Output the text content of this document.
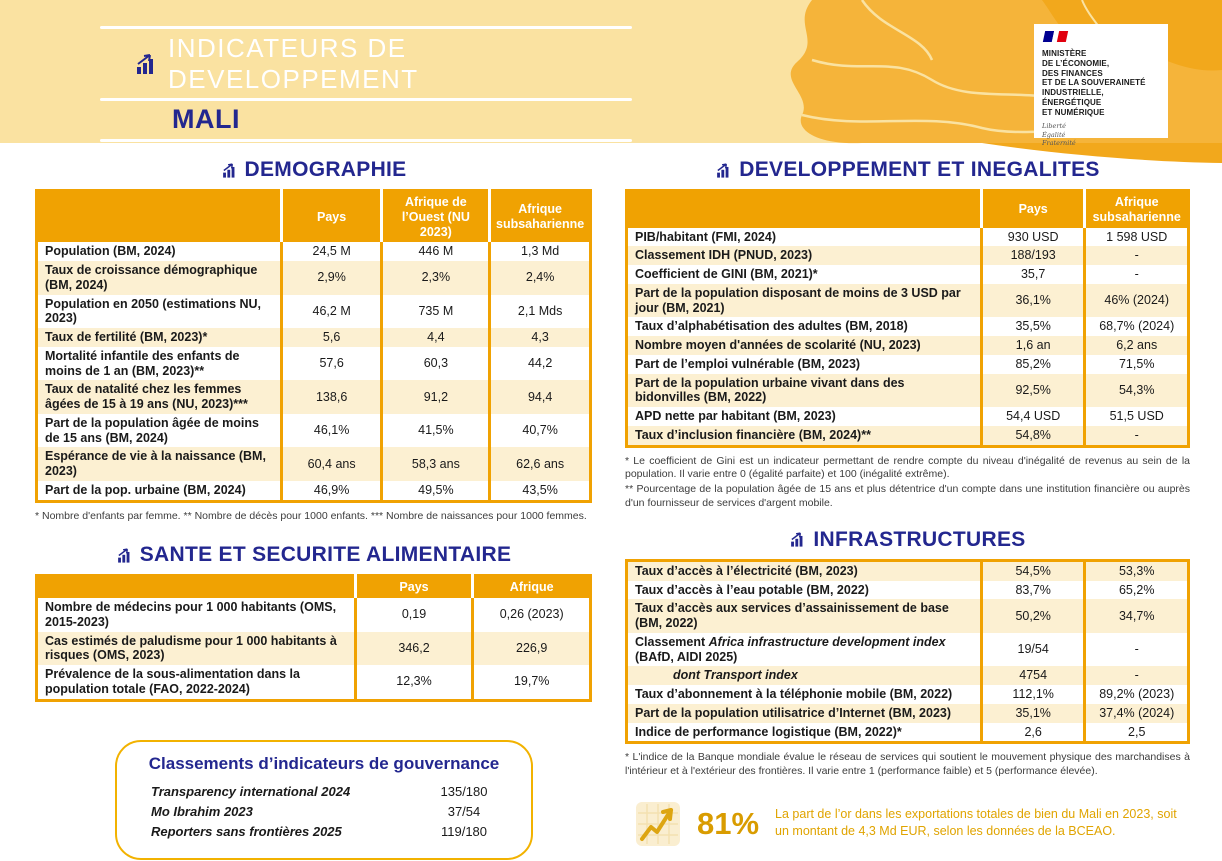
INDICATEURS DE DEVELOPPEMENT
MALI
MINISTÈRE
DE L’ÉCONOMIE,
DES FINANCES
ET DE LA SOUVERAINETÉ
INDUSTRIELLE, ÉNERGÉTIQUE
ET NUMÉRIQUE
Liberté
Égalité
Fraternité
DEMOGRAPHIE
	Pays	Afrique de l’Ouest (NU 2023)	Afrique subsaharienne
Population (BM, 2024)	24,5 M	446 M	1,3 Md
Taux de croissance démographique (BM, 2024)	2,9%	2,3%	2,4%
Population en 2050 (estimations NU, 2023)	46,2 M	735 M	2,1 Mds
Taux de fertilité (BM, 2023)*	5,6	4,4	4,3
Mortalité infantile des enfants de moins de 1 an (BM, 2023)**	57,6	60,3	44,2
Taux de natalité chez les femmes âgées de 15 à 19 ans (NU, 2023)***	138,6	91,2	94,4
Part de la population âgée de moins de 15 ans (BM, 2024)	46,1%	41,5%	40,7%
Espérance de vie à la naissance (BM, 2023)	60,4 ans	58,3 ans	62,6 ans
Part de la pop. urbaine (BM, 2024)	46,9%	49,5%	43,5%

* Nombre d'enfants par femme. ** Nombre de décès pour 1000 enfants. *** Nombre de naissances pour 1000 femmes.

SANTE ET SECURITE ALIMENTAIRE
	Pays	Afrique
Nombre de médecins pour 1 000 habitants (OMS, 2015-2023)	0,19	0,26 (2023)
Cas estimés de paludisme pour 1 000 habitants à risques (OMS, 2023)	346,2	226,9
Prévalence de la sous-alimentation dans la population totale (FAO, 2022-2024)	12,3%	19,7%
Classements d’indicateurs de gouvernance
Transparency international 2024	135/180
Mo Ibrahim 2023	37/54
Reporters sans frontières 2025	119/180
DEVELOPPEMENT ET INEGALITES
	Pays	Afrique subsaharienne
PIB/habitant (FMI, 2024)	930 USD	1 598 USD
Classement IDH (PNUD, 2023)	188/193	-
Coefficient de GINI (BM, 2021)*	35,7	-
Part de la population disposant de moins de 3 USD par jour (BM, 2021)	36,1%	46% (2024)
Taux d’alphabétisation des adultes (BM, 2018)	35,5%	68,7% (2024)
Nombre moyen d'années de scolarité (NU, 2023)	1,6 an	6,2 ans
Part de l’emploi vulnérable (BM, 2023)	85,2%	71,5%
Part de la population urbaine vivant dans des bidonvilles (BM, 2022)	92,5%	54,3%
APD nette par habitant (BM, 2023)	54,4 USD	51,5 USD
Taux d’inclusion financière (BM, 2024)**	54,8%	-

* Le coefficient de Gini est un indicateur permettant de rendre compte du niveau d'inégalité de revenus au sein de la population. Il varie entre 0 (égalité parfaite) et 100 (inégalité extrême).

** Pourcentage de la population âgée de 15 ans et plus détentrice d'un compte dans une institution financière ou auprès d'un fournisseur de services d'argent mobile.

INFRASTRUCTURES
Taux d’accès à l’électricité (BM, 2023)	54,5%	53,3%
Taux d’accès à l’eau potable (BM, 2022)	83,7%	65,2%
Taux d’accès aux services d’assainissement de base (BM, 2022)	50,2%	34,7%
Classement Africa infrastructure development index (BAfD, AIDI 2025)	19/54	-
dont Transport index	4754	-
Taux d’abonnement à la téléphonie mobile (BM, 2022)	112,1%	89,2% (2023)
Part de la population utilisatrice d’Internet (BM, 2023)	35,1%	37,4% (2024)
Indice de performance logistique (BM, 2022)*	2,6	2,5

* L'indice de la Banque mondiale évalue le réseau de services qui soutient le mouvement physique des marchandises à l'intérieur et à l'extérieur des frontières. Il varie entre 1 (performance faible) et 5 (performance élevée).

81% La part de l’or dans les exportations totales de bien du Mali en 2023, soit un montant de 4,3 Md EUR, selon les données de la BCEAO.
